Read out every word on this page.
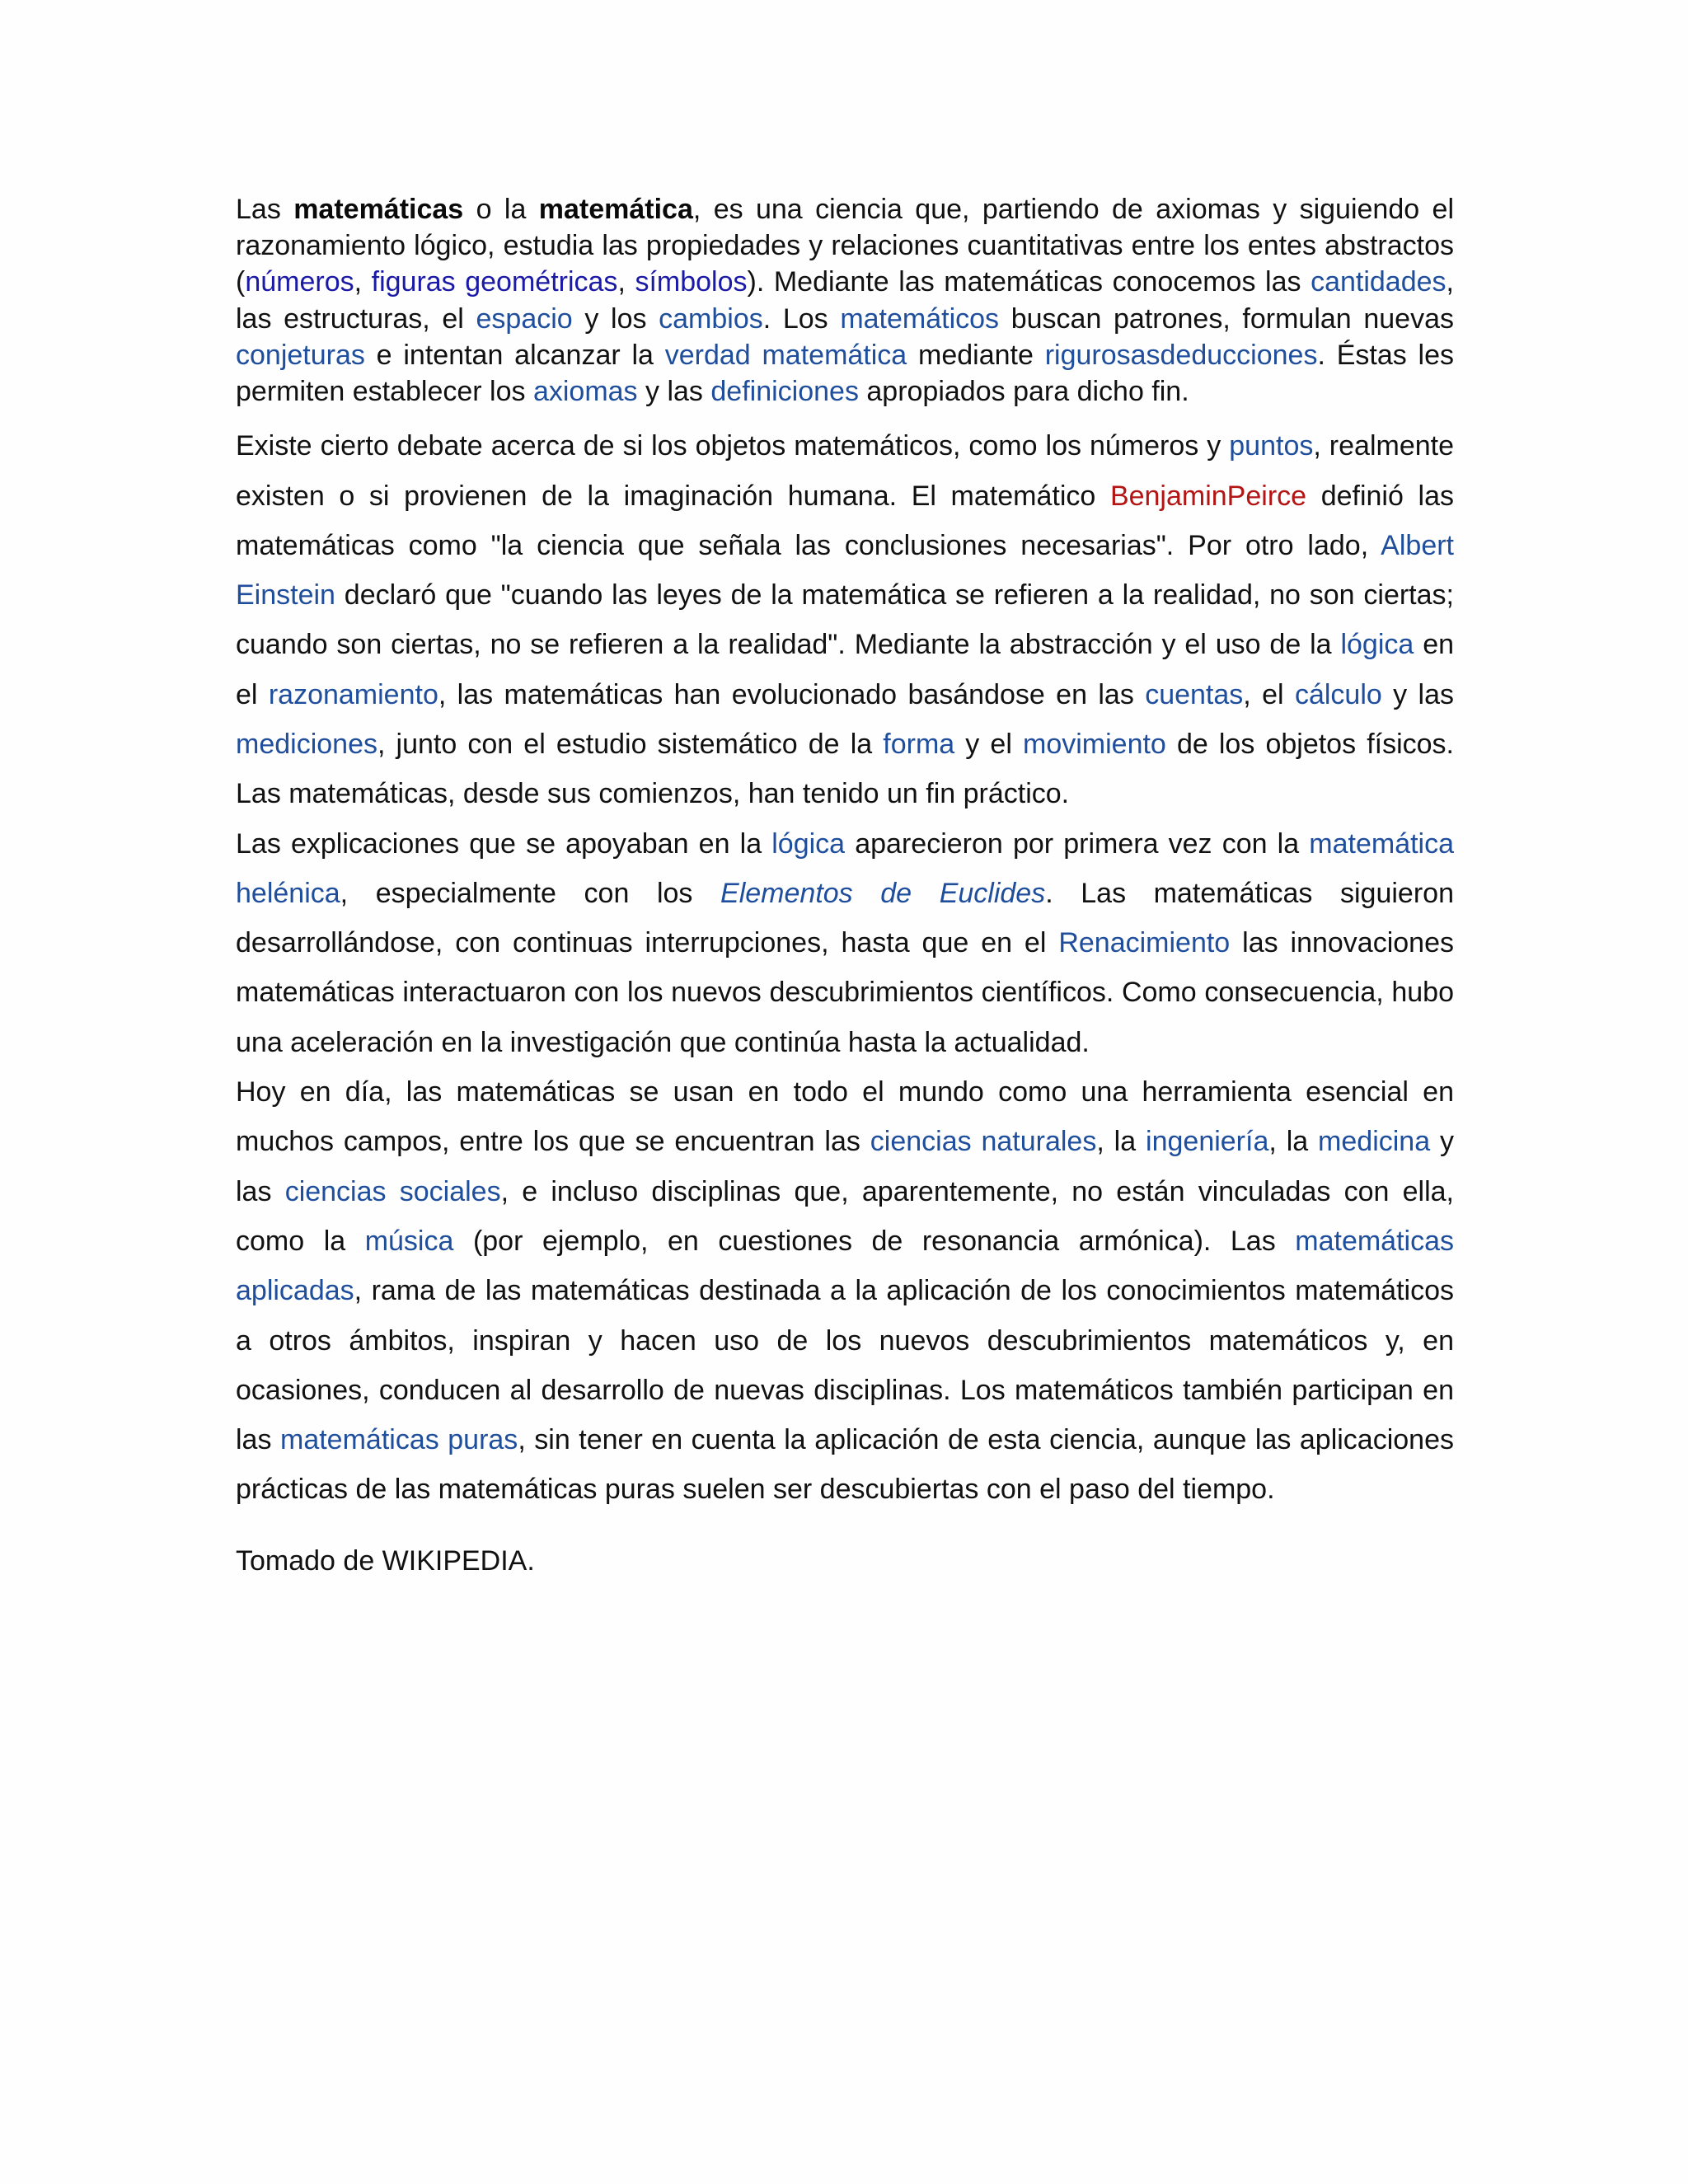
Las matemáticas o la matemática, es una ciencia que, partiendo de axiomas y siguiendo el razonamiento lógico, estudia las propiedades y relaciones cuantitativas entre los entes abstractos (números, figuras geométricas, símbolos). Mediante las matemáticas conocemos las cantidades, las estructuras, el espacio y los cambios. Los matemáticos buscan patrones, formulan nuevas conjeturas e intentan alcanzar la verdad matemática mediante rigurosasdeducciones. Éstas les permiten establecer los axiomas y las definiciones apropiados para dicho fin.

Existe cierto debate acerca de si los objetos matemáticos, como los números y puntos, realmente existen o si provienen de la imaginación humana. El matemático BenjaminPeirce definió las matemáticas como "la ciencia que señala las conclusiones necesarias". Por otro lado, Albert Einstein declaró que "cuando las leyes de la matemática se refieren a la realidad, no son ciertas; cuando son ciertas, no se refieren a la realidad". Mediante la abstracción y el uso de la lógica en el razonamiento, las matemáticas han evolucionado basándose en las cuentas, el cálculo y las mediciones, junto con el estudio sistemático de la forma y el movimiento de los objetos físicos. Las matemáticas, desde sus comienzos, han tenido un fin práctico.

Las explicaciones que se apoyaban en la lógica aparecieron por primera vez con la matemática helénica, especialmente con los Elementos de Euclides. Las matemáticas siguieron desarrollándose, con continuas interrupciones, hasta que en el Renacimiento las innovaciones matemáticas interactuaron con los nuevos descubrimientos científicos. Como consecuencia, hubo una aceleración en la investigación que continúa hasta la actualidad.

Hoy en día, las matemáticas se usan en todo el mundo como una herramienta esencial en muchos campos, entre los que se encuentran las ciencias naturales, la ingeniería, la medicina y las ciencias sociales, e incluso disciplinas que, aparentemente, no están vinculadas con ella, como la música (por ejemplo, en cuestiones de resonancia armónica). Las matemáticas aplicadas, rama de las matemáticas destinada a la aplicación de los conocimientos matemáticos a otros ámbitos, inspiran y hacen uso de los nuevos descubrimientos matemáticos y, en ocasiones, conducen al desarrollo de nuevas disciplinas. Los matemáticos también participan en las matemáticas puras, sin tener en cuenta la aplicación de esta ciencia, aunque las aplicaciones prácticas de las matemáticas puras suelen ser descubiertas con el paso del tiempo.

Tomado de WIKIPEDIA.
